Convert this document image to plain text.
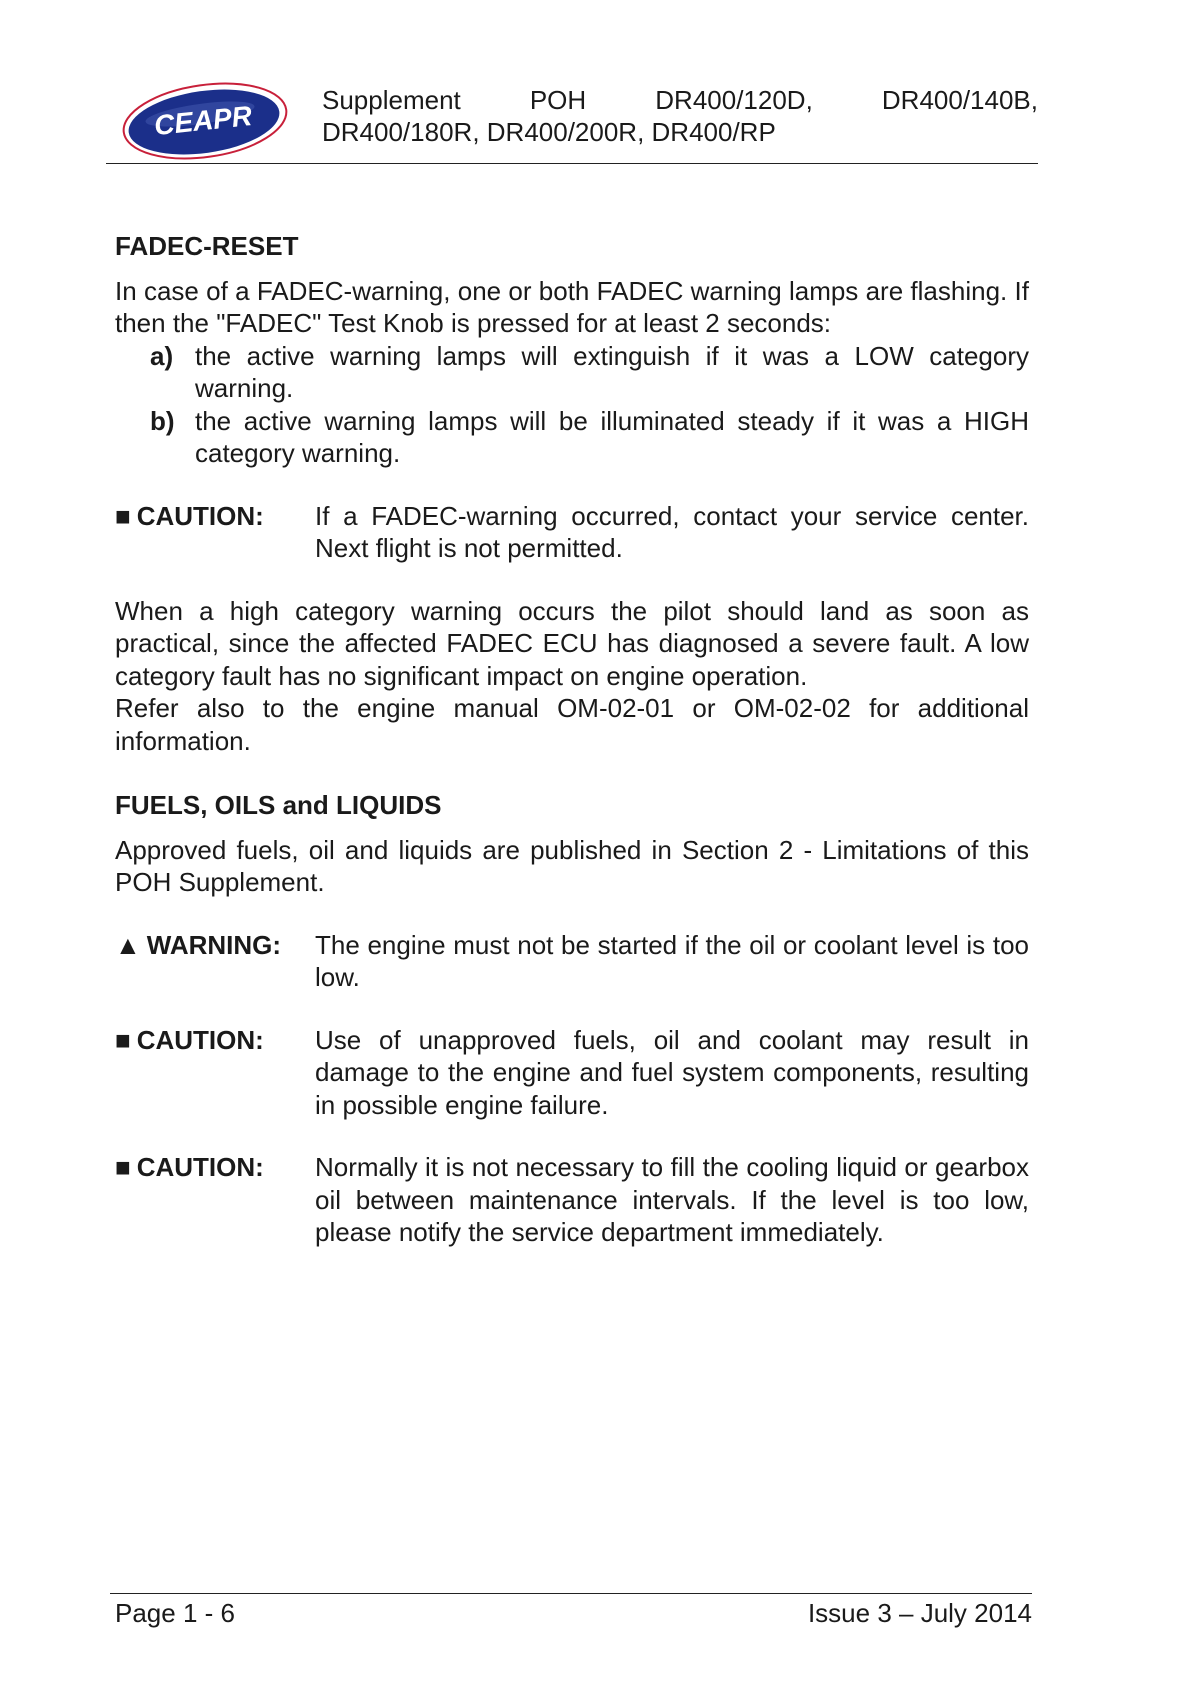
CEAPR
Supplement POH DR400/120D, DR400/140B,
DR400/180R, DR400/200R, DR400/RP
FADEC-RESET

In case of a FADEC-warning, one or both FADEC warning lamps are flashing. If then the "FADEC" Test Knob is pressed for at least 2 seconds:

a) the active warning lamps will extinguish if it was a LOW category warning.
b) the active warning lamps will be illuminated steady if it was a HIGH category warning.
■ CAUTION: If a FADEC-warning occurred, contact your service center. Next flight is not permitted.

When a high category warning occurs the pilot should land as soon as practical, since the affected FADEC ECU has diagnosed a severe fault. A low category fault has no significant impact on engine operation.

Refer also to the engine manual OM-02-01 or OM-02-02 for additional information.

FUELS, OILS and LIQUIDS

Approved fuels, oil and liquids are published in Section 2 - Limitations of this POH Supplement.

▲ WARNING: The engine must not be started if the oil or coolant level is too low.
■ CAUTION: Use of unapproved fuels, oil and coolant may result in damage to the engine and fuel system components, resulting in possible engine failure.
■ CAUTION: Normally it is not necessary to fill the cooling liquid or gearbox oil between maintenance intervals. If the level is too low, please notify the service department immediately.
Page 1 - 6	Issue 3 – July 2014
